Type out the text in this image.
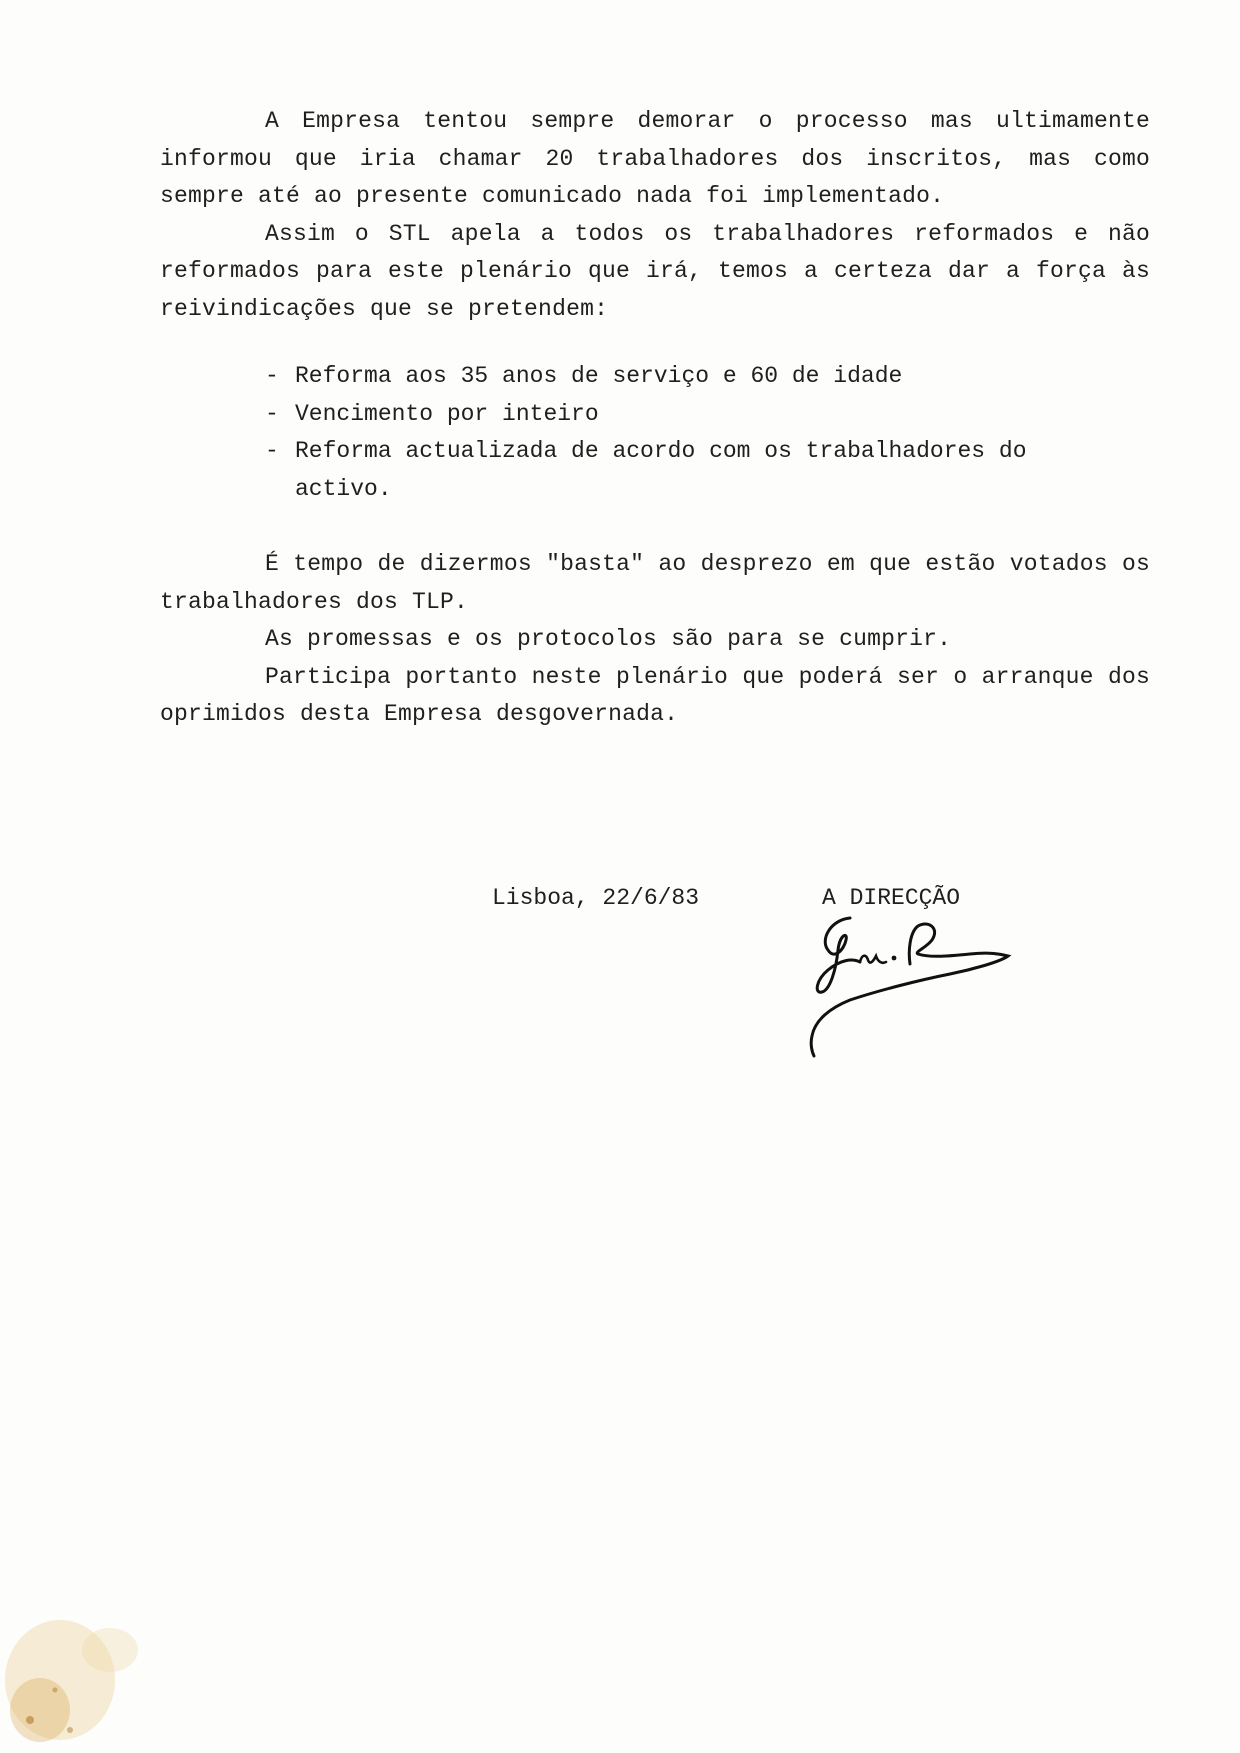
A Empresa tentou sempre demorar o processo mas ultimamente informou que iria chamar 20 trabalhadores dos inscritos, mas como sempre até ao presente comunicado nada foi implementado.

Assim o STL apela a todos os trabalhadores reformados e não reformados para este plenário que irá, temos a certeza dar a força às reivindicações que se pretendem:

- Reforma aos 35 anos de serviço e 60 de idade
- Vencimento por inteiro
- Reforma actualizada de acordo com os trabalhadores do activo.

É tempo de dizermos "basta" ao desprezo em que estão votados os trabalhadores dos TLP.

As promessas e os protocolos são para se cumprir.

Participa portanto neste plenário que poderá ser o arranque dos oprimidos desta Empresa desgovernada.

Lisboa, 22/6/83	A DIRECÇÃO
